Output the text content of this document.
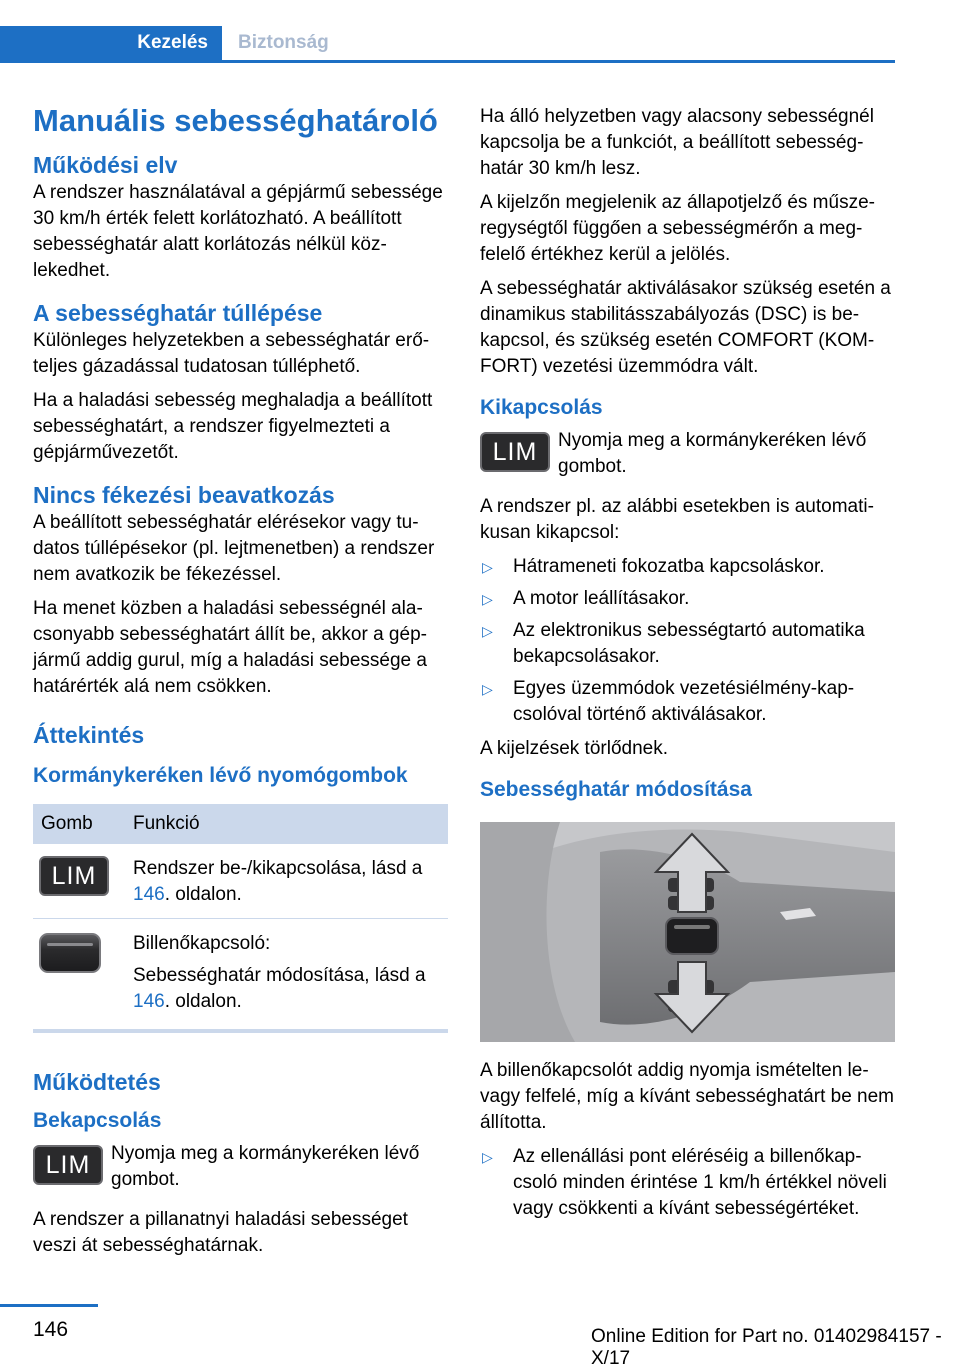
Kezelés	Biztonság
Manuális sebességhatároló
Működési elv

A rendszer használatával a gépjármű sebessége 30 km/h érték felett korlátozható. A beállított sebességhatár alatt korlátozás nélkül közlekedhet.

A sebességhatár túllépése

Különleges helyzetekben a sebességhatár erőteljes gázadással tudatosan túlléphető.

Ha a haladási sebesség meghaladja a beállított sebességhatárt, a rendszer figyelmezteti a gépjárművezetőt.

Nincs fékezési beavatkozás

A beállított sebességhatár elérésekor vagy tudatos túllépésekor (pl. lejtmenetben) a rendszer nem avatkozik be fékezéssel.

Ha menet közben a haladási sebességnél alacsonyabb sebességhatárt állít be, akkor a gépjármű addig gurul, míg a haladási sebessége a határérték alá nem csökken.

Áttekintés
Kormánykeréken lévő nyomógombok
Gomb	Funkció

LIM	Rendszer be-/kikapcsolása, lásd a 146. oldalon.

	Billenőkapcsoló:

Sebességhatár módosítása, lásd a 146. oldalon.
Működtetés
Bekapcsolás
LIM	Nyomja meg a kormánykeréken lévő gombot.

A rendszer a pillanatnyi haladási sebességet veszi át sebességhatárnak.

Ha álló helyzetben vagy alacsony sebességnél kapcsolja be a funkciót, a beállított sebességhatár 30 km/h lesz.

A kijelzőn megjelenik az állapotjelző és műszeregységtől függően a sebességmérőn a megfelelő értékhez kerül a jelölés.

A sebességhatár aktiválásakor szükség esetén a dinamikus stabilitásszabályozás (DSC) is bekapcsol, és szükség esetén COMFORT (KOMFORT) vezetési üzemmódra vált.

Kikapcsolás
LIM	Nyomja meg a kormánykeréken lévő gombot.

A rendszer pl. az alábbi esetekben is automatikusan kikapcsol:

▷ Hátrameneti fokozatba kapcsoláskor.
▷ A motor leállításakor.
▷ Az elektronikus sebességtartó automatika bekapcsolásakor.
▷ Egyes üzemmódok vezetésiélmény-kapcsolóval történő aktiválásakor.

A kijelzések törlődnek.

Sebességhatár módosítása

A billenőkapcsolót addig nyomja ismételten le- vagy felfelé, míg a kívánt sebességhatárt be nem állította.

▷ Az ellenállási pont eléréséig a billenőkapcsoló minden érintése 1 km/h értékkel növeli vagy csökkenti a kívánt sebességértéket.
146	Online Edition for Part no. 01402984157 - X/17
